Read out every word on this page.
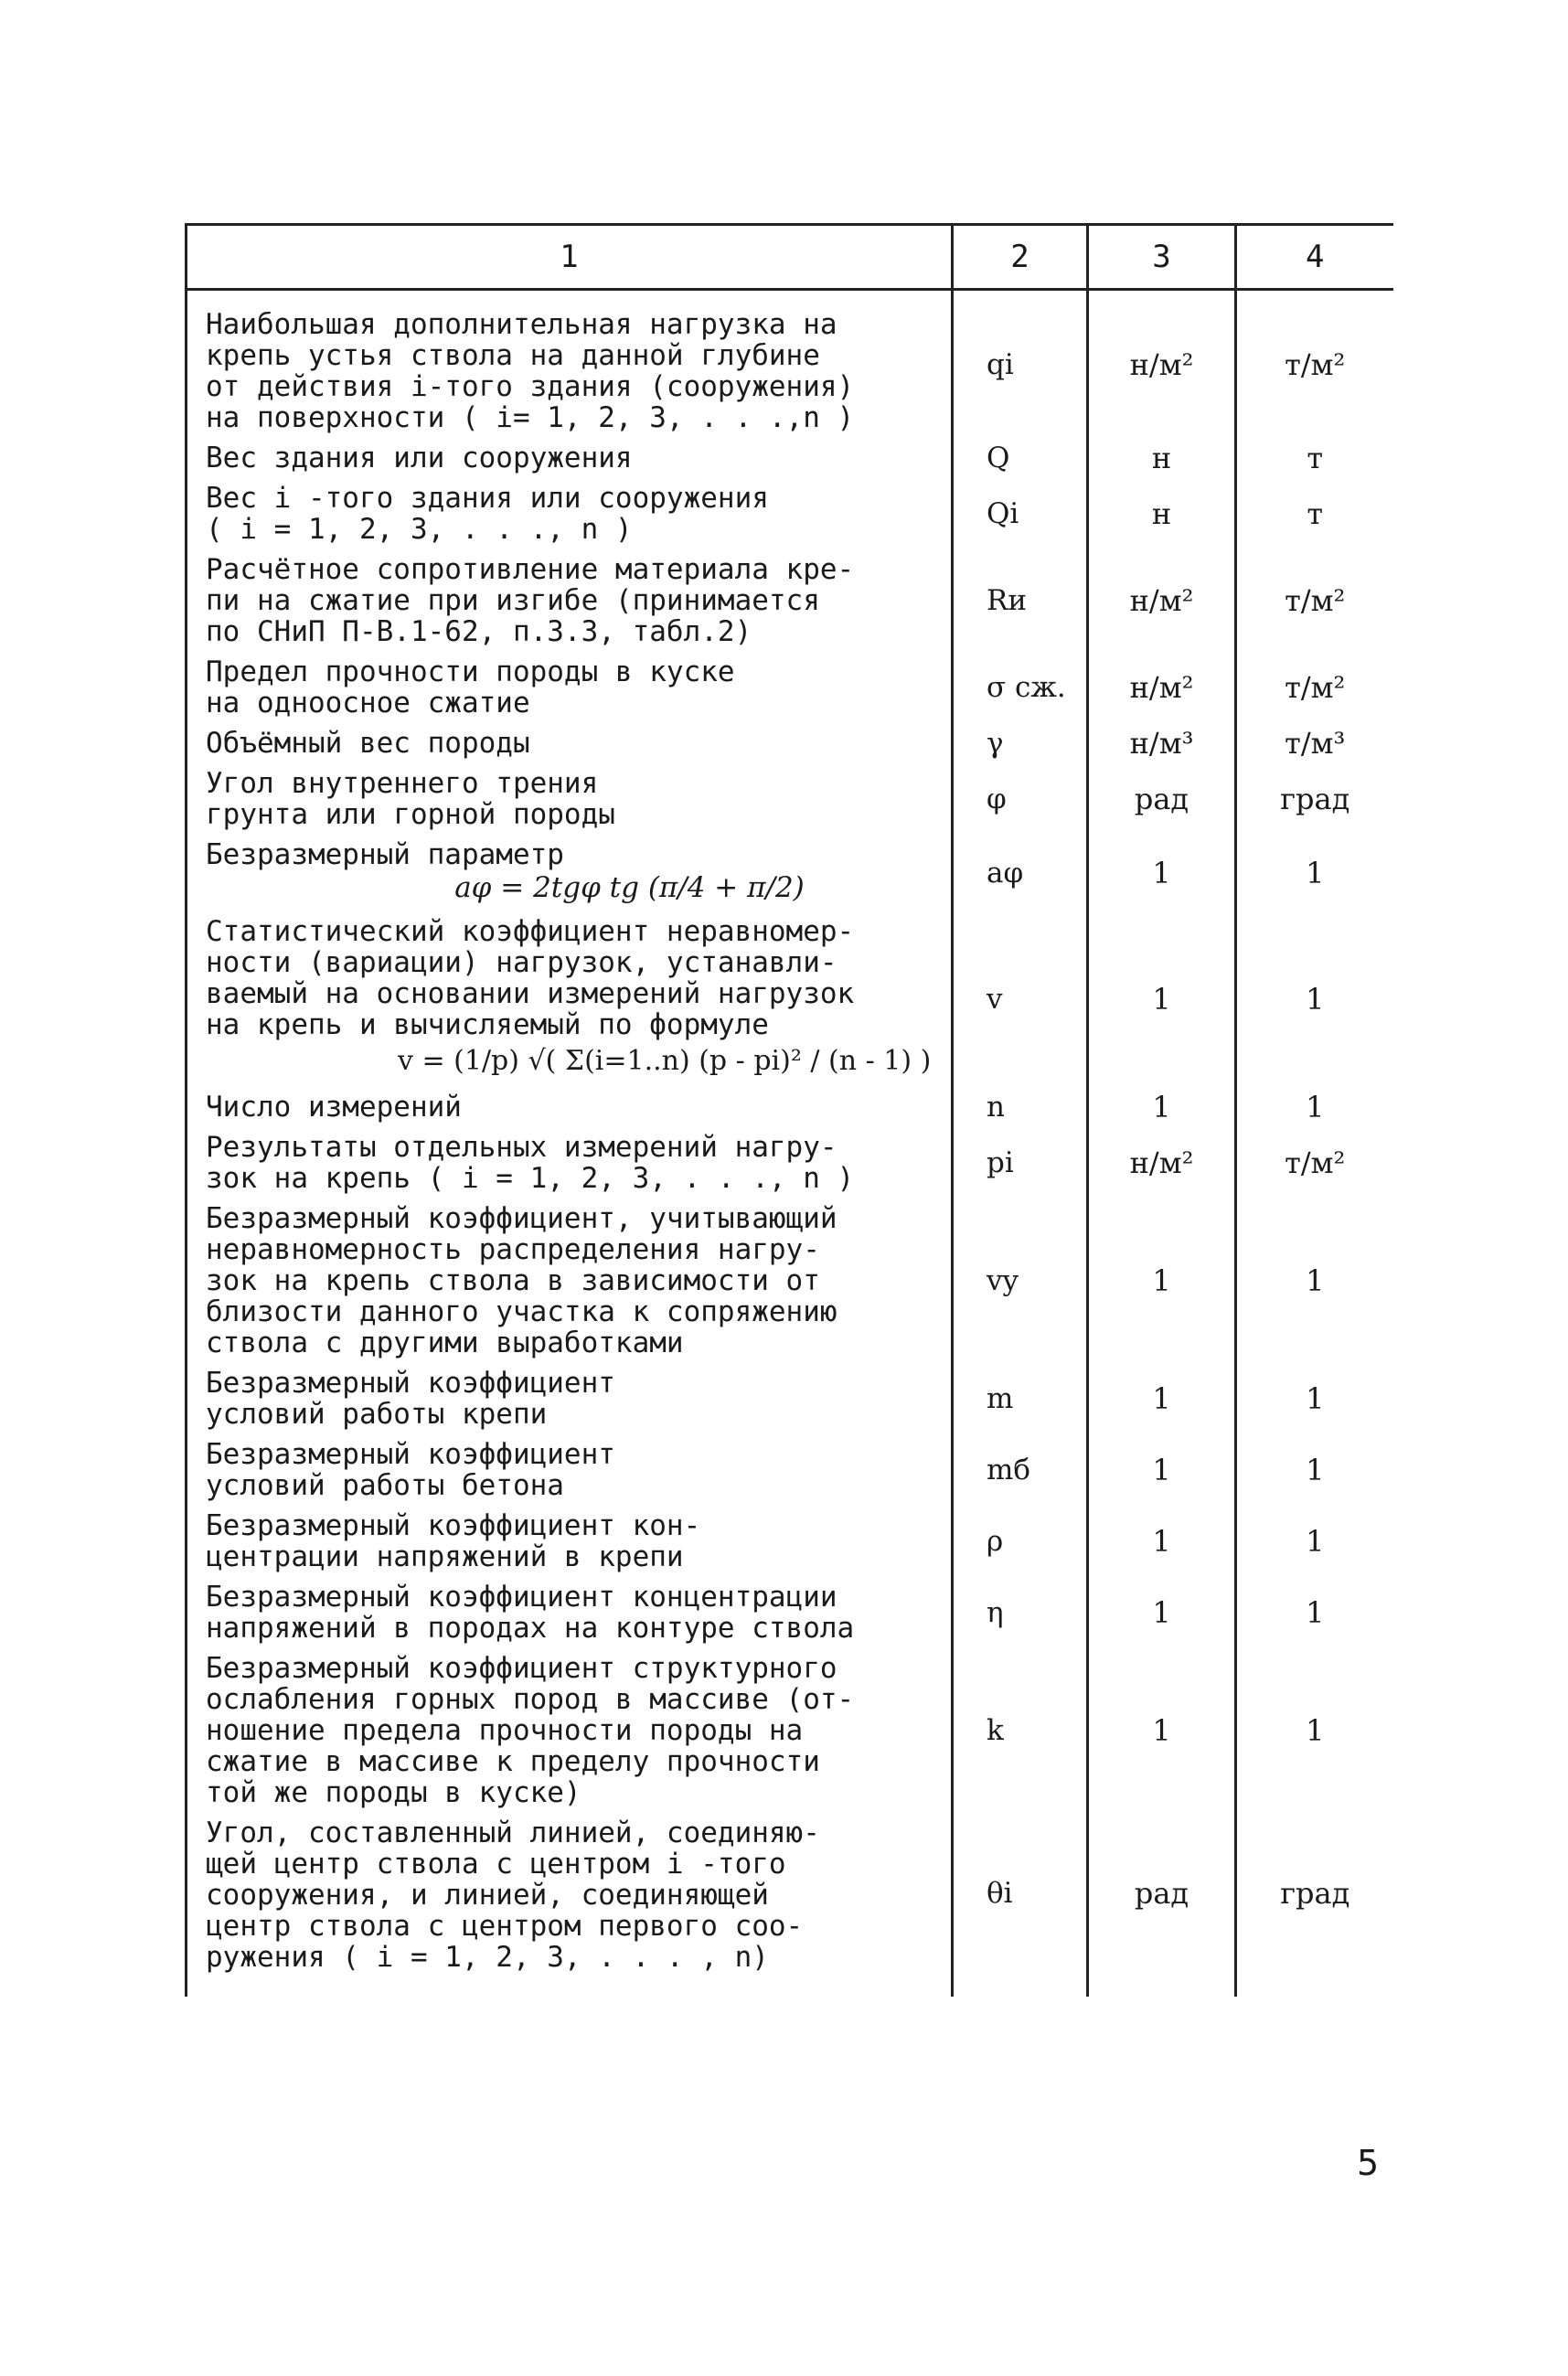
1	2	3	4
Наибольшая дополнительная нагрузка на
крепь устья ствола на данной глубине
от действия i-того здания (сооружения)
на поверхности ( i= 1, 2, 3, . . .,n )	qi	н/м²	т/м²
Вес здания или сооружения	Q	н	т
Вес i -того здания или сооружения
( i = 1, 2, 3, . . ., n )	Qi	н	т
Расчётное сопротивление материала кре-
пи на сжатие при изгибе (принимается
по СНиП П-В.1-62, п.3.3, табл.2)	Rи	н/м²	т/м²
Предел прочности породы в куске
на одноосное сжатие	σ сж.	н/м²	т/м²
Объёмный вес породы	γ	н/м³	т/м³
Угол внутреннего трения
грунта или горной породы	φ	рад	град
Безразмерный параметр
aφ = 2tgφ tg (π/4 + π/2)	aφ	1	1
Статистический коэффициент неравномер-
ности (вариации) нагрузок, устанавли-
ваемый на основании измерений нагрузок
на крепь и вычисляемый по формуле
v = (1/p) √( Σ(i=1..n) (p - pi)² / (n - 1) )	v	1	1
Число измерений	n	1	1
Результаты отдельных измерений нагру-
зок на крепь ( i = 1, 2, 3, . . ., n )	pi	н/м²	т/м²
Безразмерный коэффициент, учитывающий
неравномерность распределения нагру-
зок на крепь ствола в зависимости от
близости данного участка к сопряжению
ствола с другими выработками	vy	1	1
Безразмерный коэффициент
условий работы крепи	m	1	1
Безразмерный коэффициент
условий работы бетона	mб	1	1
Безразмерный коэффициент кон-
центрации напряжений в крепи	ρ	1	1
Безразмерный коэффициент концентрации
напряжений в породах на контуре ствола	η	1	1
Безразмерный коэффициент структурного
ослабления горных пород в массиве (от-
ношение предела прочности породы на
сжатие в массиве к пределу прочности
той же породы в куске)	k	1	1
Угол, составленный линией, соединяю-
щей центр ствола с центром i -того
сооружения, и линией, соединяющей
центр ствола с центром первого соо-
ружения ( i = 1, 2, 3, . . . , n)	θi	рад	град
5
